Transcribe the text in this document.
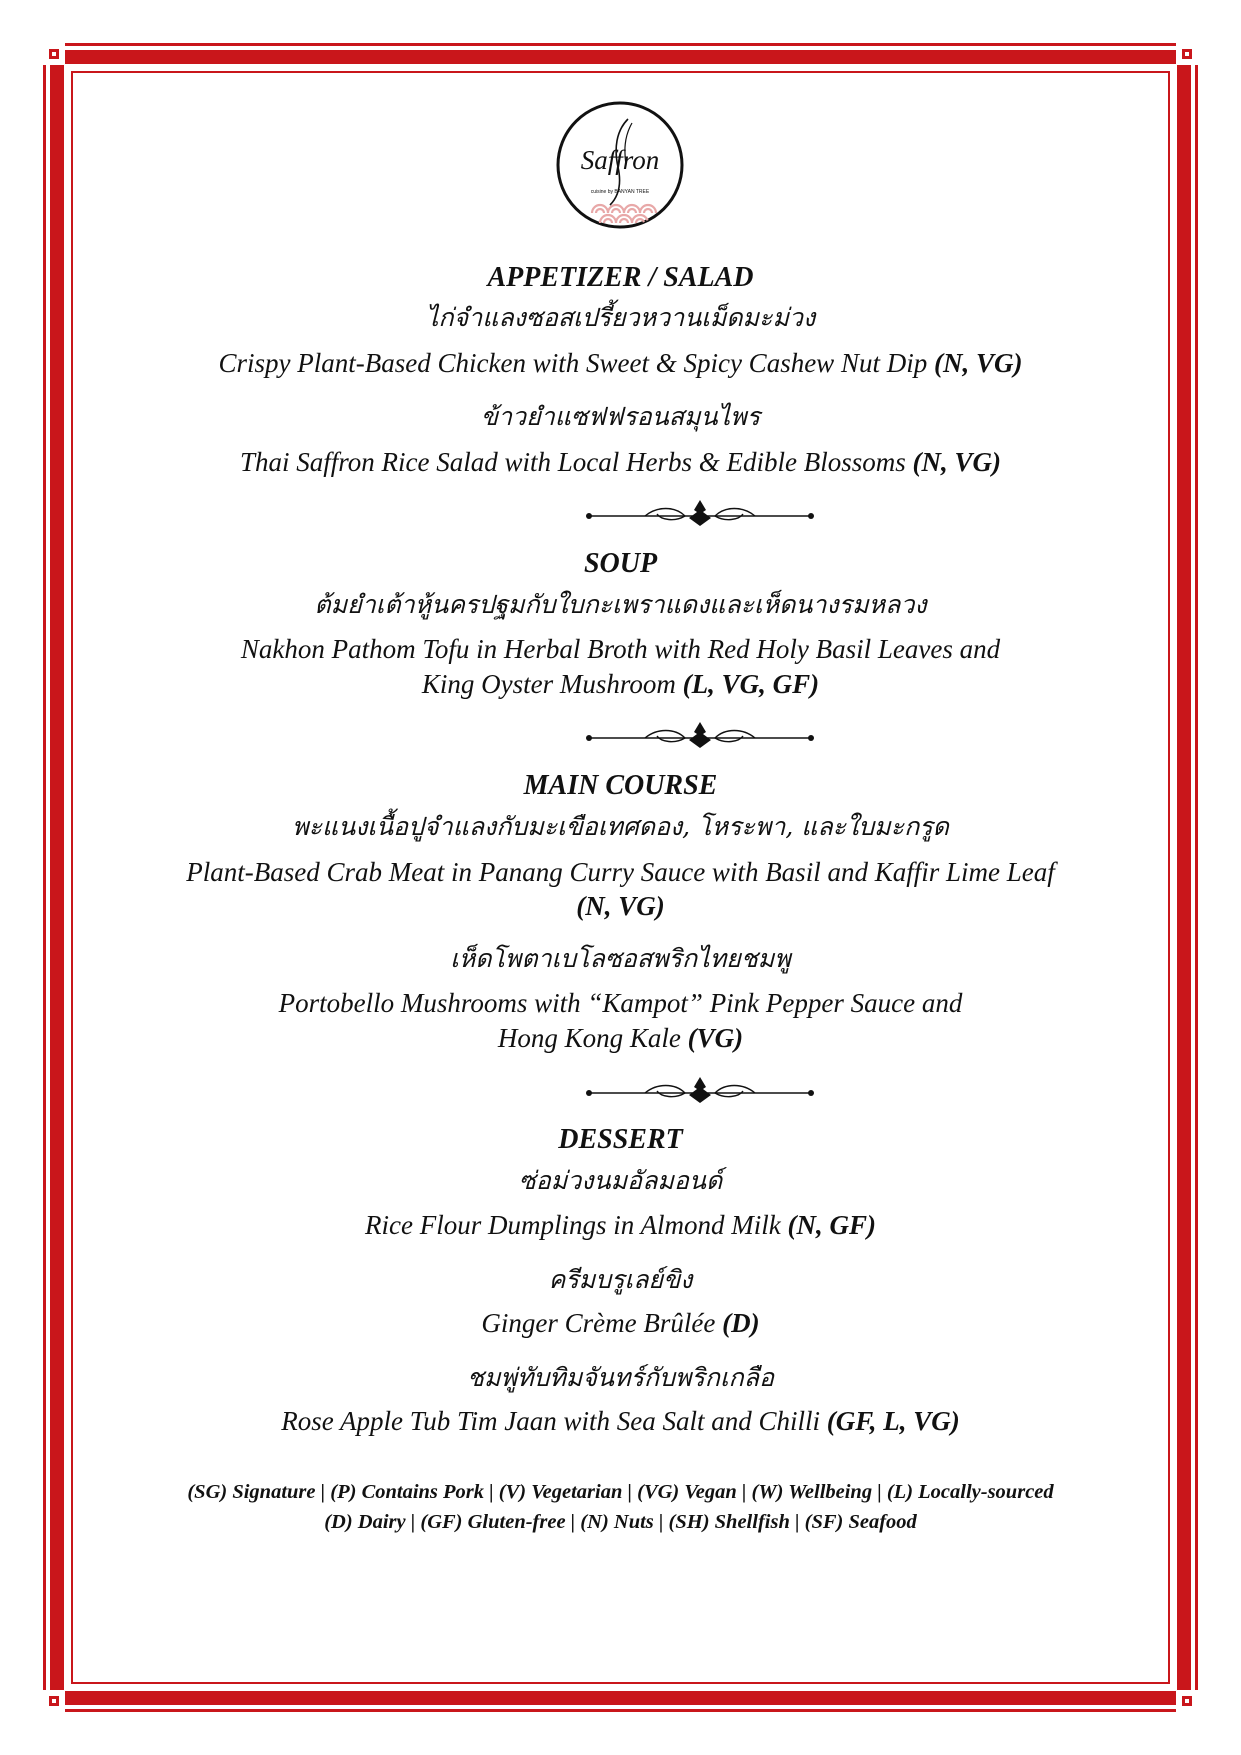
Saffron
cuisine by BANYAN TREE
APPETIZER / SALAD
ไก่จำแลงซอสเปรี้ยวหวานเม็ดมะม่วง
Crispy Plant-Based Chicken with Sweet & Spicy Cashew Nut Dip (N, VG)
ข้าวยำแซฟฟรอนสมุนไพร
Thai Saffron Rice Salad with Local Herbs & Edible Blossoms (N, VG)
SOUP
ต้มยำเต้าหู้นครปฐมกับใบกะเพราแดงและเห็ดนางรมหลวง
Nakhon Pathom Tofu in Herbal Broth with Red Holy Basil Leaves and
King Oyster Mushroom (L, VG, GF)
MAIN COURSE
พะแนงเนื้อปูจำแลงกับมะเขือเทศดอง, โหระพา, และใบมะกรูด
Plant-Based Crab Meat in Panang Curry Sauce with Basil and Kaffir Lime Leaf
(N, VG)
เห็ดโพตาเบโลซอสพริกไทยชมพู
Portobello Mushrooms with “Kampot” Pink Pepper Sauce and
Hong Kong Kale (VG)
DESSERT
ซ่อม่วงนมอัลมอนด์
Rice Flour Dumplings in Almond Milk (N, GF)
ครีมบรูเลย์ขิง
Ginger Crème Brûlée (D)
ชมพู่ทับทิมจันทร์กับพริกเกลือ
Rose Apple Tub Tim Jaan with Sea Salt and Chilli (GF, L, VG)
(SG) Signature | (P) Contains Pork | (V) Vegetarian | (VG) Vegan | (W) Wellbeing | (L) Locally-sourced
(D) Dairy | (GF) Gluten-free | (N) Nuts | (SH) Shellfish | (SF) Seafood
